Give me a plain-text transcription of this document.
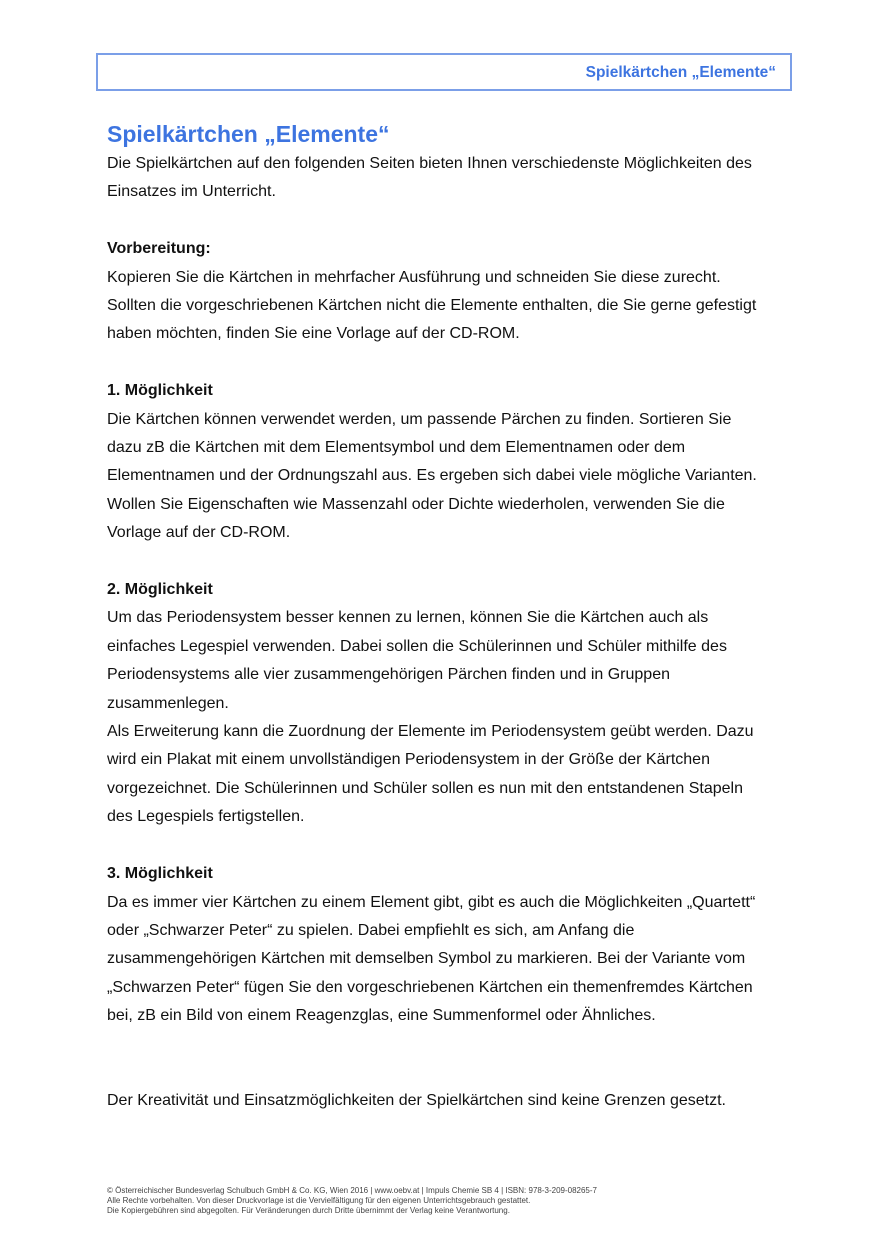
Spielkärtchen „Elemente“
Spielkärtchen „Elemente“

Die Spielkärtchen auf den folgenden Seiten bieten Ihnen verschiedenste Möglichkeiten des
Einsatzes im Unterricht.

Vorbereitung:

Kopieren Sie die Kärtchen in mehrfacher Ausführung und schneiden Sie diese zurecht.
Sollten die vorgeschriebenen Kärtchen nicht die Elemente enthalten, die Sie gerne gefestigt
haben möchten, finden Sie eine Vorlage auf der CD-ROM.

1. Möglichkeit

Die Kärtchen können verwendet werden, um passende Pärchen zu finden. Sortieren Sie
dazu zB die Kärtchen mit dem Elementsymbol und dem Elementnamen oder dem
Elementnamen und der Ordnungszahl aus. Es ergeben sich dabei viele mögliche Varianten.
Wollen Sie Eigenschaften wie Massenzahl oder Dichte wiederholen, verwenden Sie die
Vorlage auf der CD-ROM.

2. Möglichkeit

Um das Periodensystem besser kennen zu lernen, können Sie die Kärtchen auch als
einfaches Legespiel verwenden. Dabei sollen die Schülerinnen und Schüler mithilfe des
Periodensystems alle vier zusammengehörigen Pärchen finden und in Gruppen
zusammenlegen.
Als Erweiterung kann die Zuordnung der Elemente im Periodensystem geübt werden. Dazu
wird ein Plakat mit einem unvollständigen Periodensystem in der Größe der Kärtchen
vorgezeichnet. Die Schülerinnen und Schüler sollen es nun mit den entstandenen Stapeln
des Legespiels fertigstellen.

3. Möglichkeit

Da es immer vier Kärtchen zu einem Element gibt, gibt es auch die Möglichkeiten „Quartett“
oder „Schwarzer Peter“ zu spielen. Dabei empfiehlt es sich, am Anfang die
zusammengehörigen Kärtchen mit demselben Symbol zu markieren. Bei der Variante vom
„Schwarzen Peter“ fügen Sie den vorgeschriebenen Kärtchen ein themenfremdes Kärtchen
bei, zB ein Bild von einem Reagenzglas, eine Summenformel oder Ähnliches.

Der Kreativität und Einsatzmöglichkeiten der Spielkärtchen sind keine Grenzen gesetzt.

© Österreichischer Bundesverlag Schulbuch GmbH & Co. KG, Wien 2016 | www.oebv.at | Impuls Chemie SB 4 | ISBN: 978-3-209-08265-7
Alle Rechte vorbehalten. Von dieser Druckvorlage ist die Vervielfältigung für den eigenen Unterrichtsgebrauch gestattet.
Die Kopiergebühren sind abgegolten. Für Veränderungen durch Dritte übernimmt der Verlag keine Verantwortung.
